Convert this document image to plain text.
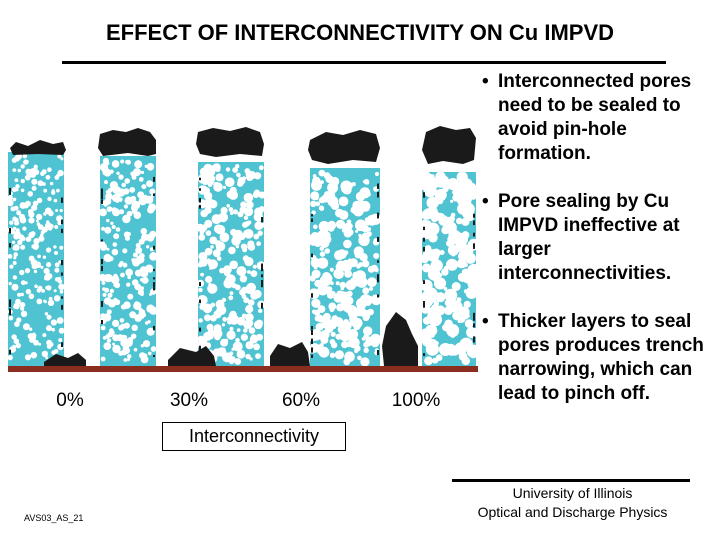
EFFECT OF INTERCONNECTIVITY ON Cu IMPVD
0%	30%	60%	100%
Interconnectivity
• Interconnected pores need to be sealed to avoid pin-hole formation.
• Pore sealing by Cu IMPVD ineffective at larger interconnectivities.
• Thicker layers to seal pores produces trench narrowing, which can lead to pinch off.
University of Illinois
Optical and Discharge Physics
AVS03_AS_21
